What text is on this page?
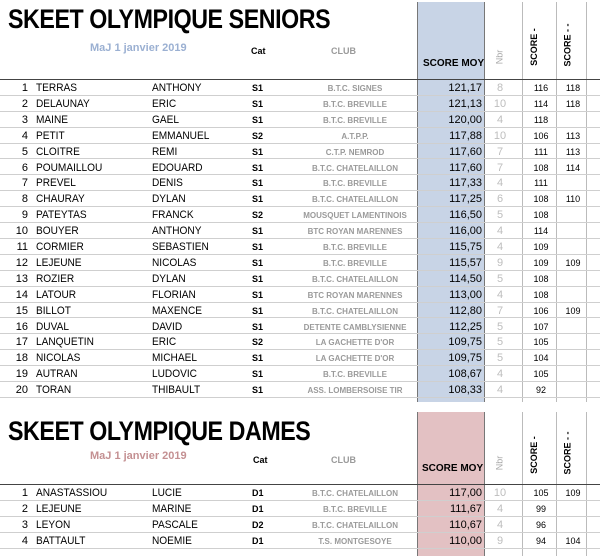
SKEET OLYMPIQUE SENIORS
MaJ 1 janvier 2019	Cat	CLUB
SCORE MOY Nbr	SCORE -	SCORE - -
1 TERRAS	ANTHONY	S1	B.T.C. SIGNES	121,17	8	116	118
2 DELAUNAY	ERIC	S1	B.T.C. BREVILLE	121,13	10	114	118
3 MAINE	GAEL	S1	B.T.C. BREVILLE	120,00	4	118
4 PETIT	EMMANUEL	S2	A.T.P.P.	117,88	10	106	113
5 CLOITRE	REMI	S1	C.T.P. NEMROD	117,60	7	111	113
6 POUMAILLOU	EDOUARD	S1	B.T.C. CHATELAILLON	117,60	7	108	114
7 PREVEL	DENIS	S1	B.T.C. BREVILLE	117,33	4	111
8 CHAURAY	DYLAN	S1	B.T.C. CHATELAILLON	117,25	6	108	110
9 PATEYTAS	FRANCK	S2	MOUSQUET LAMENTINOIS	116,50	5	108
10 BOUYER	ANTHONY	S1	BTC ROYAN MARENNES	116,00	4	114
11 CORMIER	SEBASTIEN	S1	B.T.C. BREVILLE	115,75	4	109
12 LEJEUNE	NICOLAS	S1	B.T.C. BREVILLE	115,57	9	109	109
13 ROZIER	DYLAN	S1	B.T.C. CHATELAILLON	114,50	5	108
14 LATOUR	FLORIAN	S1	BTC ROYAN MARENNES	113,00	4	108
15 BILLOT	MAXENCE	S1	B.T.C. CHATELAILLON	112,80	7	106	109
16 DUVAL	DAVID	S1	DETENTE CAMBLYSIENNE	112,25	5	107
17 LANQUETIN	ERIC	S2	LA GACHETTE D'OR	109,75	5	105
18 NICOLAS	MICHAEL	S1	LA GACHETTE D'OR	109,75	5	104
19 AUTRAN	LUDOVIC	S1	B.T.C. BREVILLE	108,67	4	105
20 TORAN	THIBAULT	S1	ASS. LOMBERSOISE TIR	108,33	4	92
SKEET OLYMPIQUE DAMES
MaJ 1 janvier 2019	Cat	CLUB
SCORE MOY Nbr	SCORE -	SCORE - -
1 ANASTASSIOU	LUCIE	D1	B.T.C. CHATELAILLON	117,00	10	105	109
2 LEJEUNE	MARINE	D1	B.T.C. BREVILLE	111,67	4	99
3 LEYON	PASCALE	D2	B.T.C. CHATELAILLON	110,67	4	96
4 BATTAULT	NOEMIE	D1	T.S. MONTGESOYE	110,00	9	94	104
